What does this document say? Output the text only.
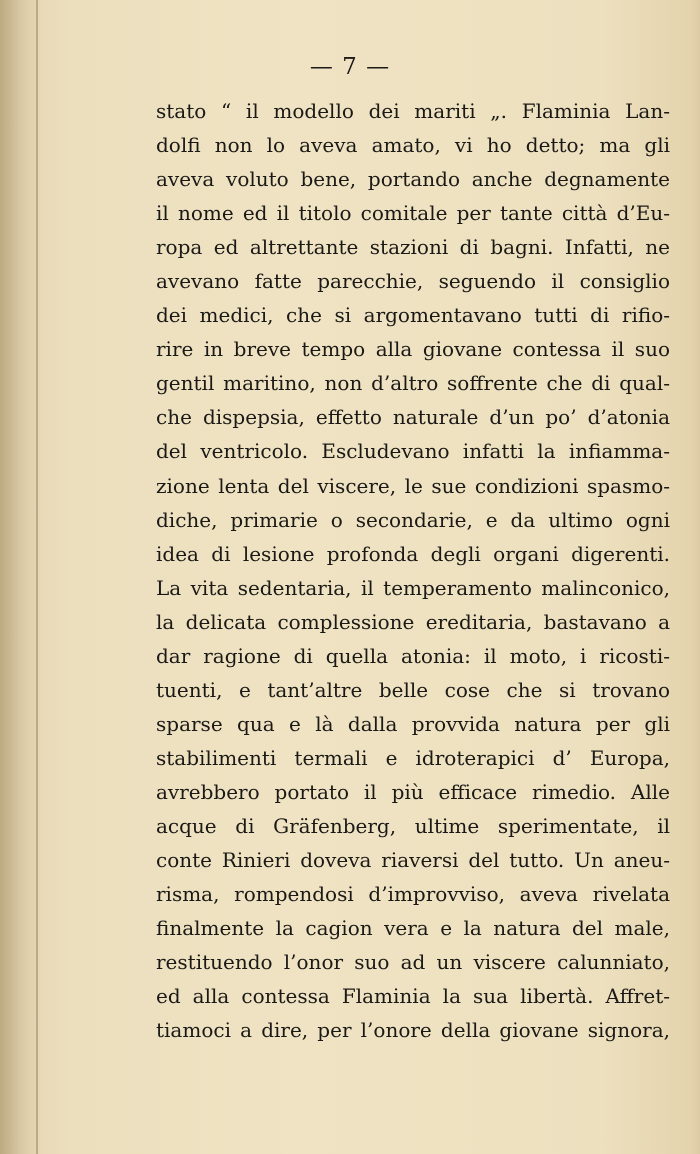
— 7 —
stato “ il modello dei mariti „. Flaminia Lan-
dolfi non lo aveva amato, vi ho detto; ma gli
aveva voluto bene, portando anche degnamente
il nome ed il titolo comitale per tante città d’Eu-
ropa ed altrettante stazioni di bagni. Infatti, ne
avevano fatte parecchie, seguendo il consiglio
dei medici, che si argomentavano tutti di rifio-
rire in breve tempo alla giovane contessa il suo
gentil maritino, non d’altro soffrente che di qual-
che dispepsia, effetto naturale d’un po’ d’atonia
del ventricolo. Escludevano infatti la infiamma-
zione lenta del viscere, le sue condizioni spasmo-
diche, primarie o secondarie, e da ultimo ogni
idea di lesione profonda degli organi digerenti.
La vita sedentaria, il temperamento malinconico,
la delicata complessione ereditaria, bastavano a
dar ragione di quella atonia: il moto, i ricosti-
tuenti, e tant’altre belle cose che si trovano
sparse qua e là dalla provvida natura per gli
stabilimenti termali e idroterapici d’ Europa,
avrebbero portato il più efficace rimedio. Alle
acque di Gräfenberg, ultime sperimentate, il
conte Rinieri doveva riaversi del tutto. Un aneu-
risma, rompendosi d’improvviso, aveva rivelata
finalmente la cagion vera e la natura del male,
restituendo l’onor suo ad un viscere calunniato,
ed alla contessa Flaminia la sua libertà. Affret-
tiamoci a dire, per l’onore della giovane signora,
